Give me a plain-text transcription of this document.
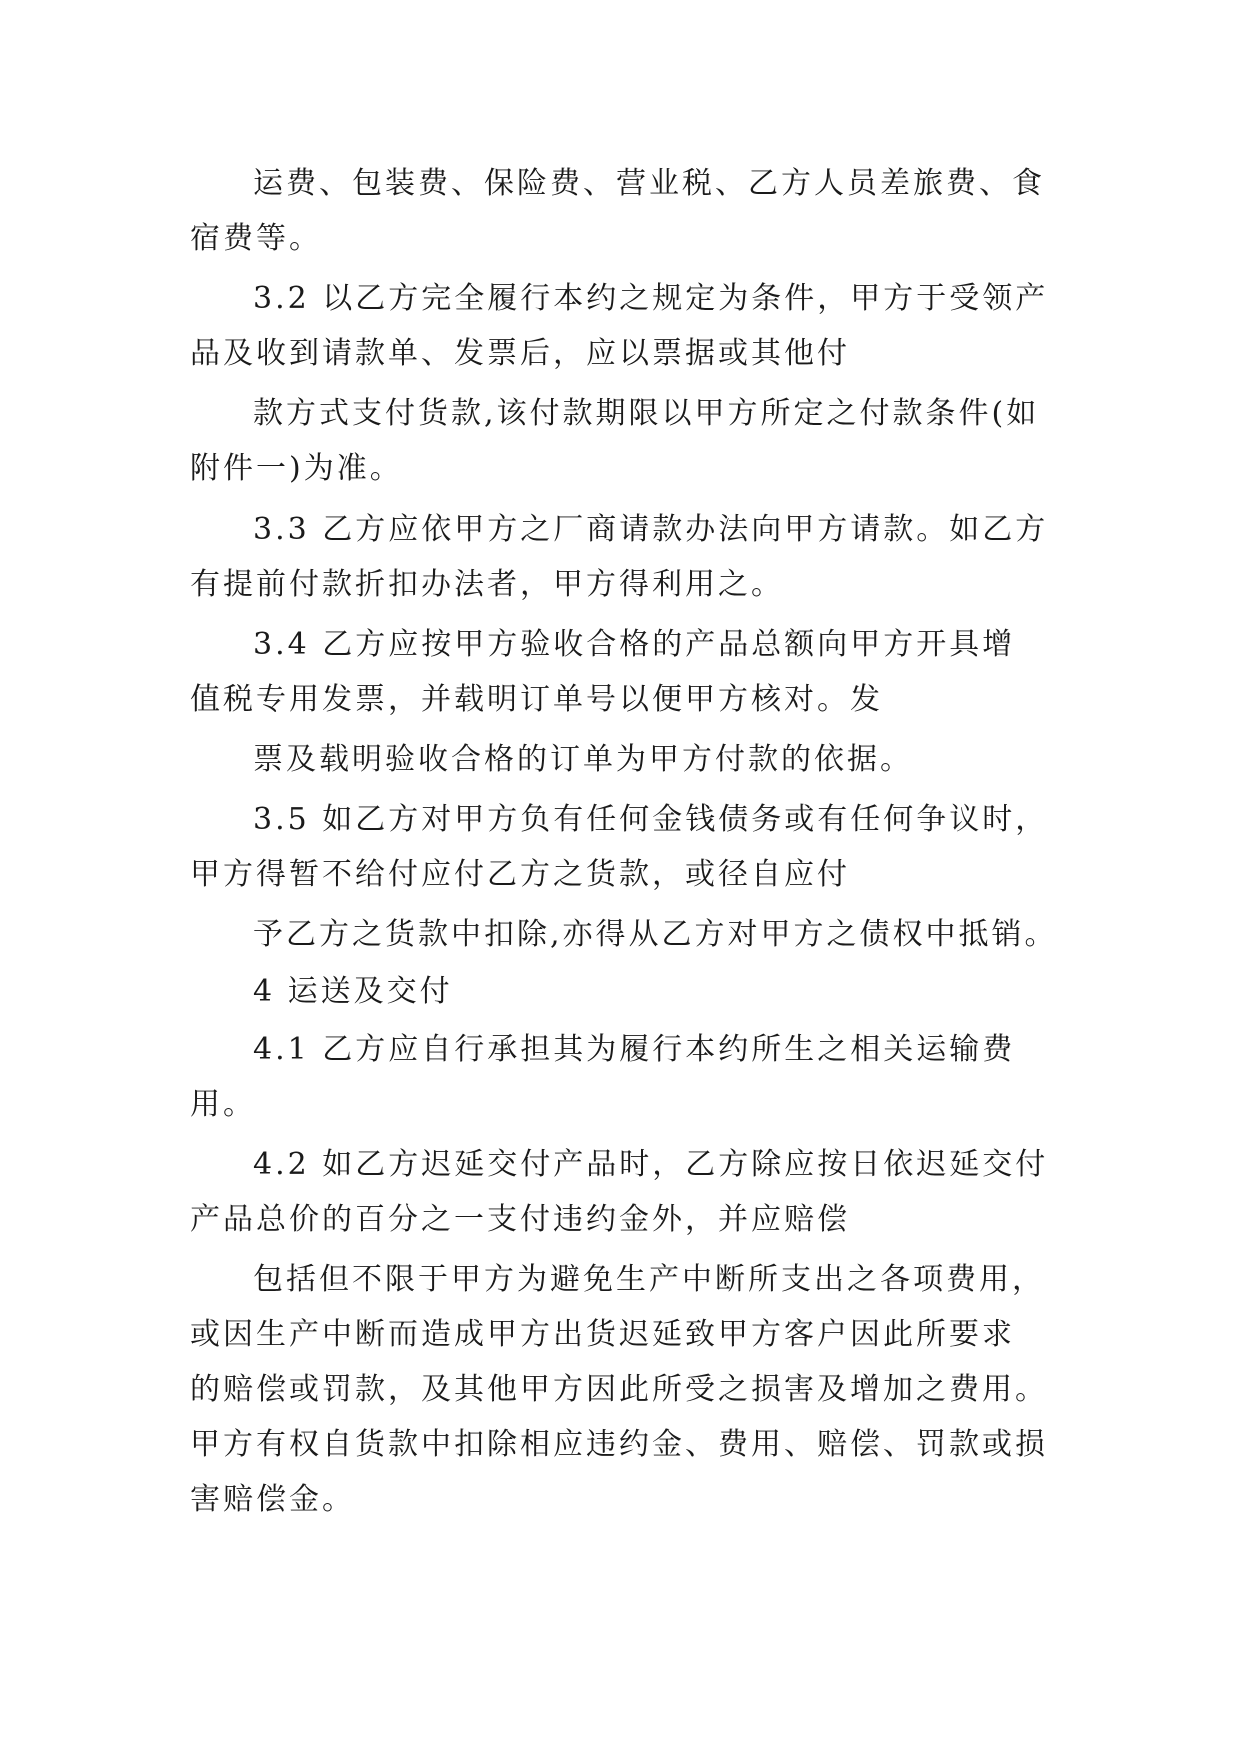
运费、包装费、保险费、营业税、乙方人员差旅费、食
宿费等。
3.2 以乙方完全履行本约之规定为条件，甲方于受领产
品及收到请款单、发票后，应以票据或其他付
款方式支付货款,该付款期限以甲方所定之付款条件(如
附件一)为准。
3.3 乙方应依甲方之厂商请款办法向甲方请款。如乙方
有提前付款折扣办法者，甲方得利用之。
3.4 乙方应按甲方验收合格的产品总额向甲方开具增
值税专用发票，并载明订单号以便甲方核对。发
票及载明验收合格的订单为甲方付款的依据。
3.5 如乙方对甲方负有任何金钱债务或有任何争议时，
甲方得暂不给付应付乙方之货款，或径自应付
予乙方之货款中扣除,亦得从乙方对甲方之债权中抵销。
4 运送及交付
4.1 乙方应自行承担其为履行本约所生之相关运输费
用。
4.2 如乙方迟延交付产品时，乙方除应按日依迟延交付
产品总价的百分之一支付违约金外，并应赔偿
包括但不限于甲方为避免生产中断所支出之各项费用，
或因生产中断而造成甲方出货迟延致甲方客户因此所要求
的赔偿或罚款，及其他甲方因此所受之损害及增加之费用。
甲方有权自货款中扣除相应违约金、费用、赔偿、罚款或损
害赔偿金。
